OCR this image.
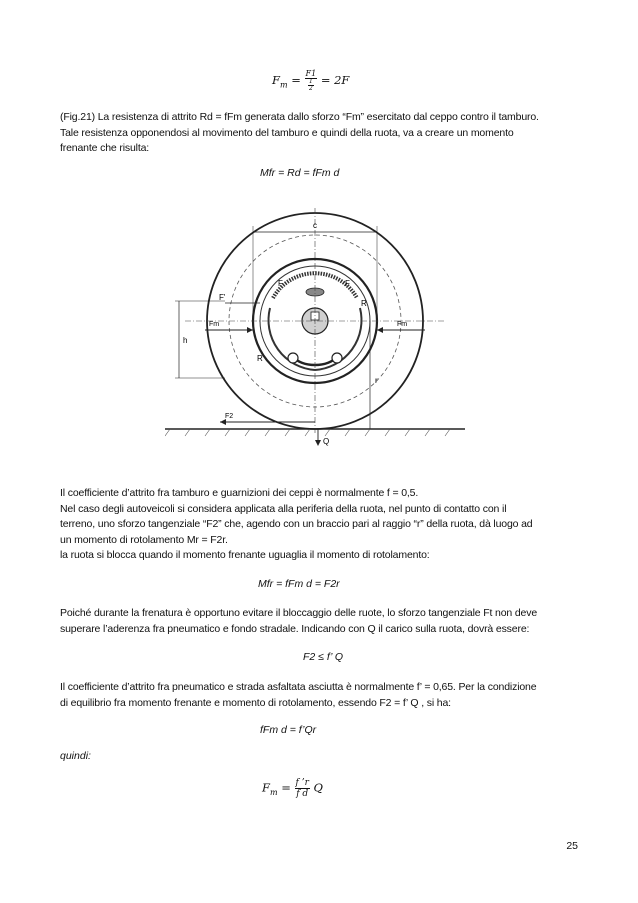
$F_m = \frac{F1}{\frac{1}{2}} = 2F$

(Fig.21) La resistenza di attrito Rd = fFm generata dallo sforzo “Fm” esercitato dal ceppo contro il tamburo.

Tale resistenza opponendosi al movimento del tamburo e quindi della ruota, va a creare un momento

frenante che risulta:

Mfr = Rd = fFm d
c
Fm	Fm
F	F
F'
R
R
h
r
F2
Q

Il coefficiente d’attrito fra tamburo e guarnizioni dei ceppi è normalmente f = 0,5.

Nel caso degli autoveicoli si considera applicata alla periferia della ruota, nel punto di contatto con il

terreno, uno sforzo tangenziale “F2” che, agendo con un braccio pari al raggio “r” della ruota, dà luogo ad

un momento di rotolamento Mr = F2r.

la ruota si blocca quando il momento frenante uguaglia il momento di rotolamento:

Mfr = fFm d = F2r

Poiché durante la frenatura è opportuno evitare il bloccaggio delle ruote, lo sforzo tangenziale Ft non deve

superare l’aderenza fra pneumatico e fondo stradale. Indicando con Q il carico sulla ruota, dovrà essere:

F2 ≤ f’ Q

Il coefficiente d’attrito fra pneumatico e strada asfaltata asciutta è normalmente f’ = 0,65. Per la condizione

di equilibrio fra momento frenante e momento di rotolamento, essendo F2 = f’ Q , si ha:

fFm d = f’Qr
quindi:
$F_m = \frac{f ’r}{\text{f d}}$ Q
25
